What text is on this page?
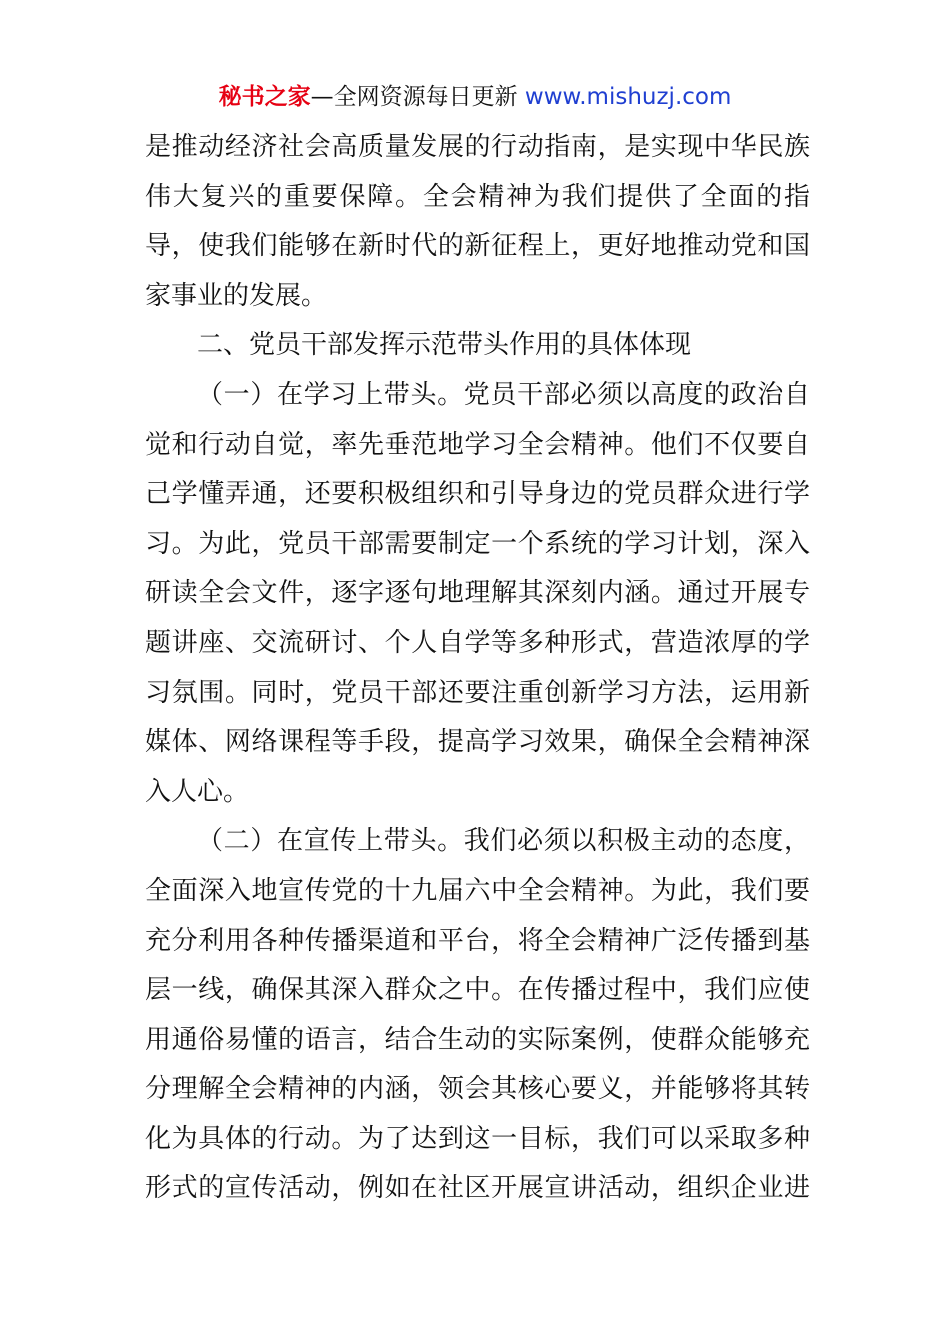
秘书之家—全网资源每日更新 www.mishuzj.com
是推动经济社会高质量发展的行动指南，是实现中华民族
伟大复兴的重要保障。全会精神为我们提供了全面的指
导，使我们能够在新时代的新征程上，更好地推动党和国
家事业的发展。
二、党员干部发挥示范带头作用的具体体现
（一）在学习上带头。党员干部必须以高度的政治自
觉和行动自觉，率先垂范地学习全会精神。他们不仅要自
己学懂弄通，还要积极组织和引导身边的党员群众进行学
习。为此，党员干部需要制定一个系统的学习计划，深入
研读全会文件，逐字逐句地理解其深刻内涵。通过开展专
题讲座、交流研讨、个人自学等多种形式，营造浓厚的学
习氛围。同时，党员干部还要注重创新学习方法，运用新
媒体、网络课程等手段，提高学习效果，确保全会精神深
入人心。
（二）在宣传上带头。我们必须以积极主动的态度，
全面深入地宣传党的十九届六中全会精神。为此，我们要
充分利用各种传播渠道和平台，将全会精神广泛传播到基
层一线，确保其深入群众之中。在传播过程中，我们应使
用通俗易懂的语言，结合生动的实际案例，使群众能够充
分理解全会精神的内涵，领会其核心要义，并能够将其转
化为具体的行动。为了达到这一目标，我们可以采取多种
形式的宣传活动，例如在社区开展宣讲活动，组织企业进
